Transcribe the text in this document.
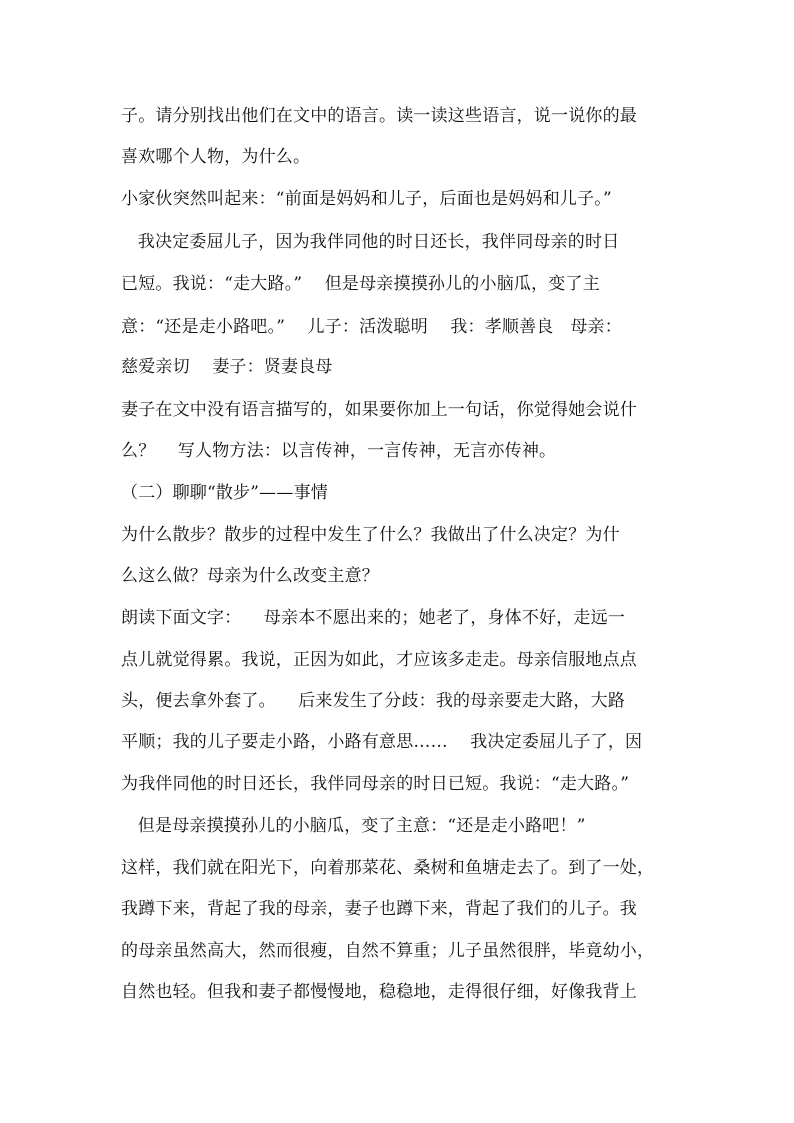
子。请分别找出他们在文中的语言。读一读这些语言，说一说你的最
喜欢哪个人物，为什么。
小家伙突然叫起来：“前面是妈妈和儿子，后面也是妈妈和儿子。”
我决定委屈儿子，因为我伴同他的时日还长，我伴同母亲的时日
已短。我说：“走大路。”    但是母亲摸摸孙儿的小脑瓜，变了主
意：“还是走小路吧。”    儿子：活泼聪明    我：孝顺善良   母亲：
慈爱亲切    妻子：贤妻良母
妻子在文中没有语言描写的，如果要你加上一句话，你觉得她会说什
么？    写人物方法：以言传神，一言传神，无言亦传神。
（二）聊聊“散步”——事情
为什么散步？散步的过程中发生了什么？我做出了什么决定？为什
么这么做？母亲为什么改变主意？
朗读下面文字：    母亲本不愿出来的；她老了，身体不好，走远一
点儿就觉得累。我说，正因为如此，才应该多走走。母亲信服地点点
头，便去拿外套了。    后来发生了分歧：我的母亲要走大路，大路
平顺；我的儿子要走小路，小路有意思……    我决定委屈儿子了，因
为我伴同他的时日还长，我伴同母亲的时日已短。我说：“走大路。”
但是母亲摸摸孙儿的小脑瓜，变了主意：“还是走小路吧！”
这样，我们就在阳光下，向着那菜花、桑树和鱼塘走去了。到了一处，
我蹲下来，背起了我的母亲，妻子也蹲下来，背起了我们的儿子。我
的母亲虽然高大，然而很瘦，自然不算重；儿子虽然很胖，毕竟幼小，
自然也轻。但我和妻子都慢慢地，稳稳地，走得很仔细，好像我背上
